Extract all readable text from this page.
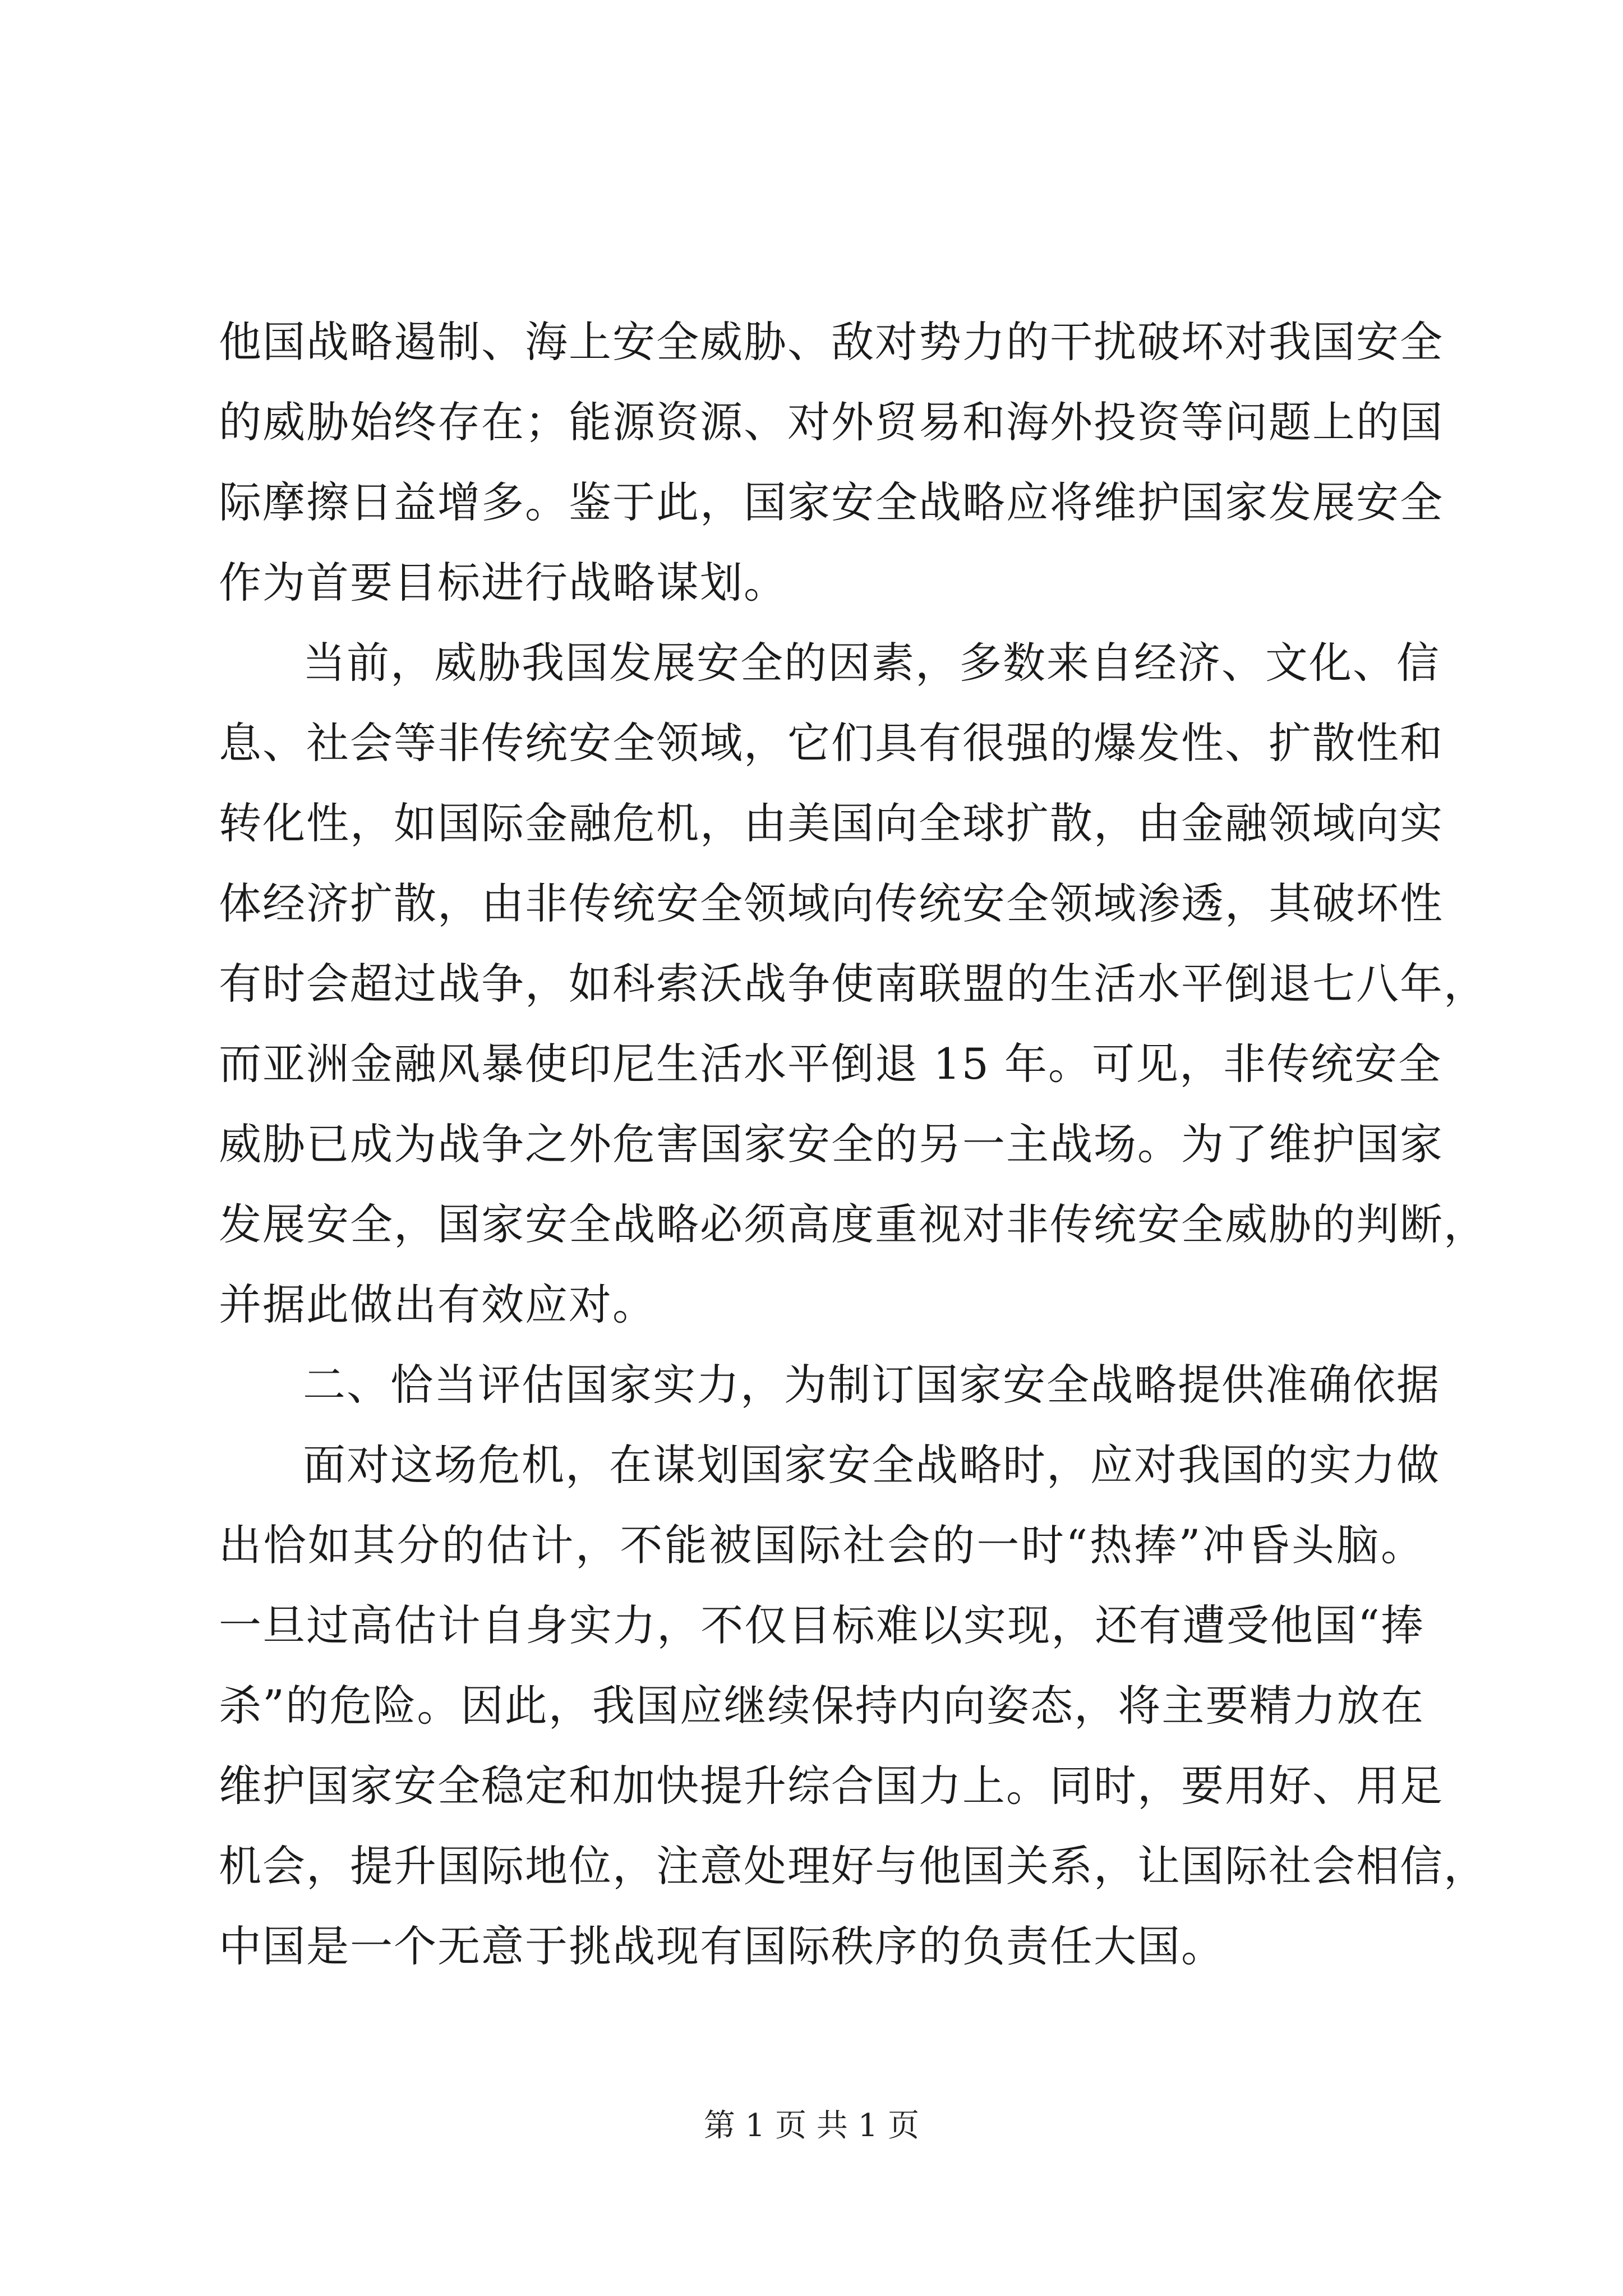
他国战略遏制、海上安全威胁、敌对势力的干扰破坏对我国安全
的威胁始终存在；能源资源、对外贸易和海外投资等问题上的国
际摩擦日益增多。鉴于此，国家安全战略应将维护国家发展安全
作为首要目标进行战略谋划。
当前，威胁我国发展安全的因素，多数来自经济、文化、信
息、社会等非传统安全领域，它们具有很强的爆发性、扩散性和
转化性，如国际金融危机，由美国向全球扩散，由金融领域向实
体经济扩散，由非传统安全领域向传统安全领域渗透，其破坏性
有时会超过战争，如科索沃战争使南联盟的生活水平倒退七八年，
而亚洲金融风暴使印尼生活水平倒退 15 年。可见，非传统安全
威胁已成为战争之外危害国家安全的另一主战场。为了维护国家
发展安全，国家安全战略必须高度重视对非传统安全威胁的判断，
并据此做出有效应对。
二、恰当评估国家实力，为制订国家安全战略提供准确依据
面对这场危机，在谋划国家安全战略时，应对我国的实力做
出恰如其分的估计，不能被国际社会的一时“热捧”冲昏头脑。
一旦过高估计自身实力，不仅目标难以实现，还有遭受他国“捧
杀”的危险。因此，我国应继续保持内向姿态，将主要精力放在
维护国家安全稳定和加快提升综合国力上。同时，要用好、用足
机会，提升国际地位，注意处理好与他国关系，让国际社会相信，
中国是一个无意于挑战现有国际秩序的负责任大国。
第 1 页 共 1 页
